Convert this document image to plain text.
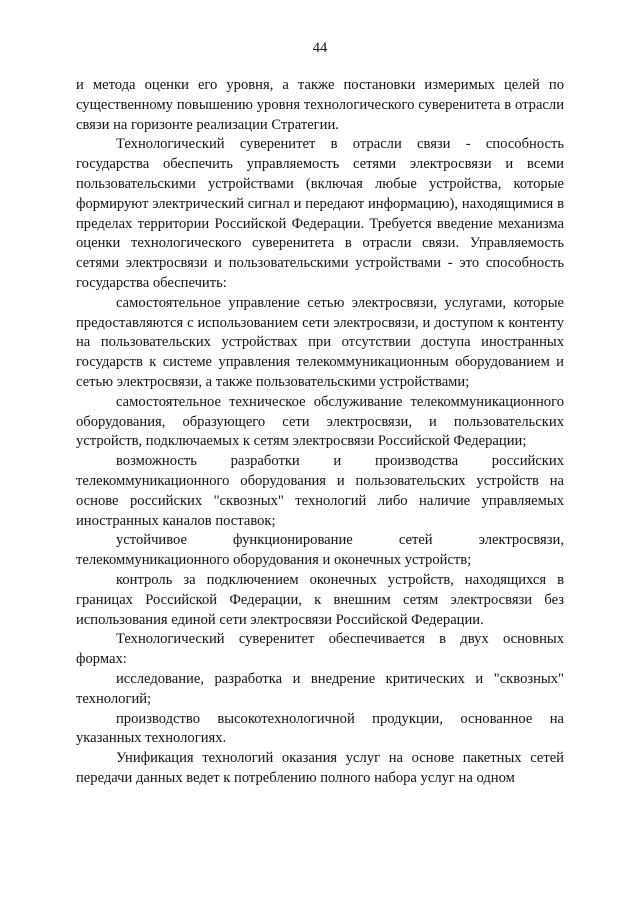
44

и метода оценки его уровня, а также постановки измеримых целей по существенному повышению уровня технологического суверенитета в отрасли связи на горизонте реализации Стратегии.

Технологический суверенитет в отрасли связи - способность государства обеспечить управляемость сетями электросвязи и всеми пользовательскими устройствами (включая любые устройства, которые формируют электрический сигнал и передают информацию), находящимися в пределах территории Российской Федерации. Требуется введение механизма оценки технологического суверенитета в отрасли связи. Управляемость сетями электросвязи и пользовательскими устройствами - это способность государства обеспечить:

самостоятельное управление сетью электросвязи, услугами, которые предоставляются с использованием сети электросвязи, и доступом к контенту на пользовательских устройствах при отсутствии доступа иностранных государств к системе управления телекоммуникационным оборудованием и сетью электросвязи, а также пользовательскими устройствами;

самостоятельное техническое обслуживание телекоммуникационного оборудования, образующего сети электросвязи, и пользовательских устройств, подключаемых к сетям электросвязи Российской Федерации;

возможность разработки и производства российских телекоммуникационного оборудования и пользовательских устройств на основе российских "сквозных" технологий либо наличие управляемых иностранных каналов поставок;

устойчивое функционирование сетей электросвязи, телекоммуникационного оборудования и оконечных устройств;

контроль за подключением оконечных устройств, находящихся в границах Российской Федерации, к внешним сетям электросвязи без использования единой сети электросвязи Российской Федерации.

Технологический суверенитет обеспечивается в двух основных формах:

исследование, разработка и внедрение критических и "сквозных" технологий;

производство высокотехнологичной продукции, основанное на указанных технологиях.

Унификация технологий оказания услуг на основе пакетных сетей передачи данных ведет к потреблению полного набора услуг на одном
